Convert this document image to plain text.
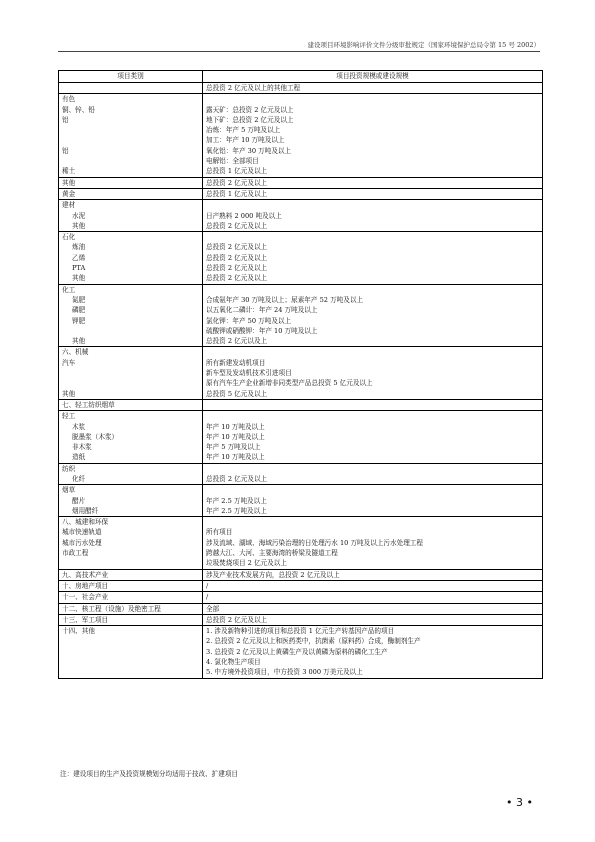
建设项目环境影响评价文件分级审批规定（国家环境保护总局令第 15 号 2002）
项目类别	项目投资规模或建设规模
	总投资 2 亿元及以上的其他工程
有色	
铜、锌、铅	露天矿：总投资 2 亿元及以上
铝	地下矿：总投资 2 亿元及以上
	冶炼：年产 5 万吨及以上
	加工：年产 10 万吨及以上
铝	氧化铝：年产 30 万吨及以上
	电解铝：全部项目
稀土	总投资 1 亿元及以上
其他	总投资 2 亿元及以上
黄金	总投资 1 亿元及以上
建材	
水泥	日产熟料 2 000 吨及以上
其他	总投资 2 亿元及以上
石化	
炼油	总投资 2 亿元及以上
乙烯	总投资 2 亿元及以上
PTA	总投资 2 亿元及以上
其他	总投资 2 亿元及以上
化工	
氮肥	合成氨年产 30 万吨及以上；尿素年产 52 万吨及以上
磷肥	以五氧化二磷计：年产 24 万吨及以上
钾肥	氯化钾：年产 50 万吨及以上
	硫酸钾或硝酸钾：年产 10 万吨及以上
其他	总投资 2 亿元以及上
六、机械	
汽车	所有新建发动机项目
	新车型及发动机技术引进项目
	原有汽车生产企业新增非同类型产品总投资 5 亿元及以上
其他	总投资 5 亿元及以上
七、轻工纺织烟草	
轻工	
木浆	年产 10 万吨及以上
脱墨浆（木浆）	年产 10 万吨及以上
非木浆	年产 5 万吨及以上
造纸	年产 10 万吨及以上
纺织	
化纤	总投资 2 亿元及以上
烟草	
醋片	年产 2.5 万吨及以上
烟用醋纤	年产 2.5 万吨及以上
八、城建和环保	
城市快速轨道	所有项目
城市污水处理	涉及流域、湖域、海域污染治理的日处理污水 10 万吨及以上污水处理工程
市政工程	跨越大江、大河、主要海湾的桥梁及隧道工程
	垃圾焚烧项目 2 亿元及以上
九、高技术产业	涉及产业技术发展方向，总投资 2 亿元及以上
十、房地产项目	/
十一、社会产业	/
十二、核工程（设施）及绝密工程	全部
十三、军工项目	总投资 2 亿元及以上
十四、其他	1. 涉及新物种引进的项目和总投资 1 亿元生产转基因产品的项目
	2. 总投资 2 亿元及以上和医药类中，抗菌素（原料药）合成，酶制剂生产
	3. 总投资 2 亿元及以上黄磷生产及以黄磷为原料的磷化工生产
	4. 氯化物生产项目
	5. 中方境外投资项目，中方投资 3 000 万美元及以上
注：建设项目的生产及投资规模划分均适用于技改、扩建项目
• 3 •
